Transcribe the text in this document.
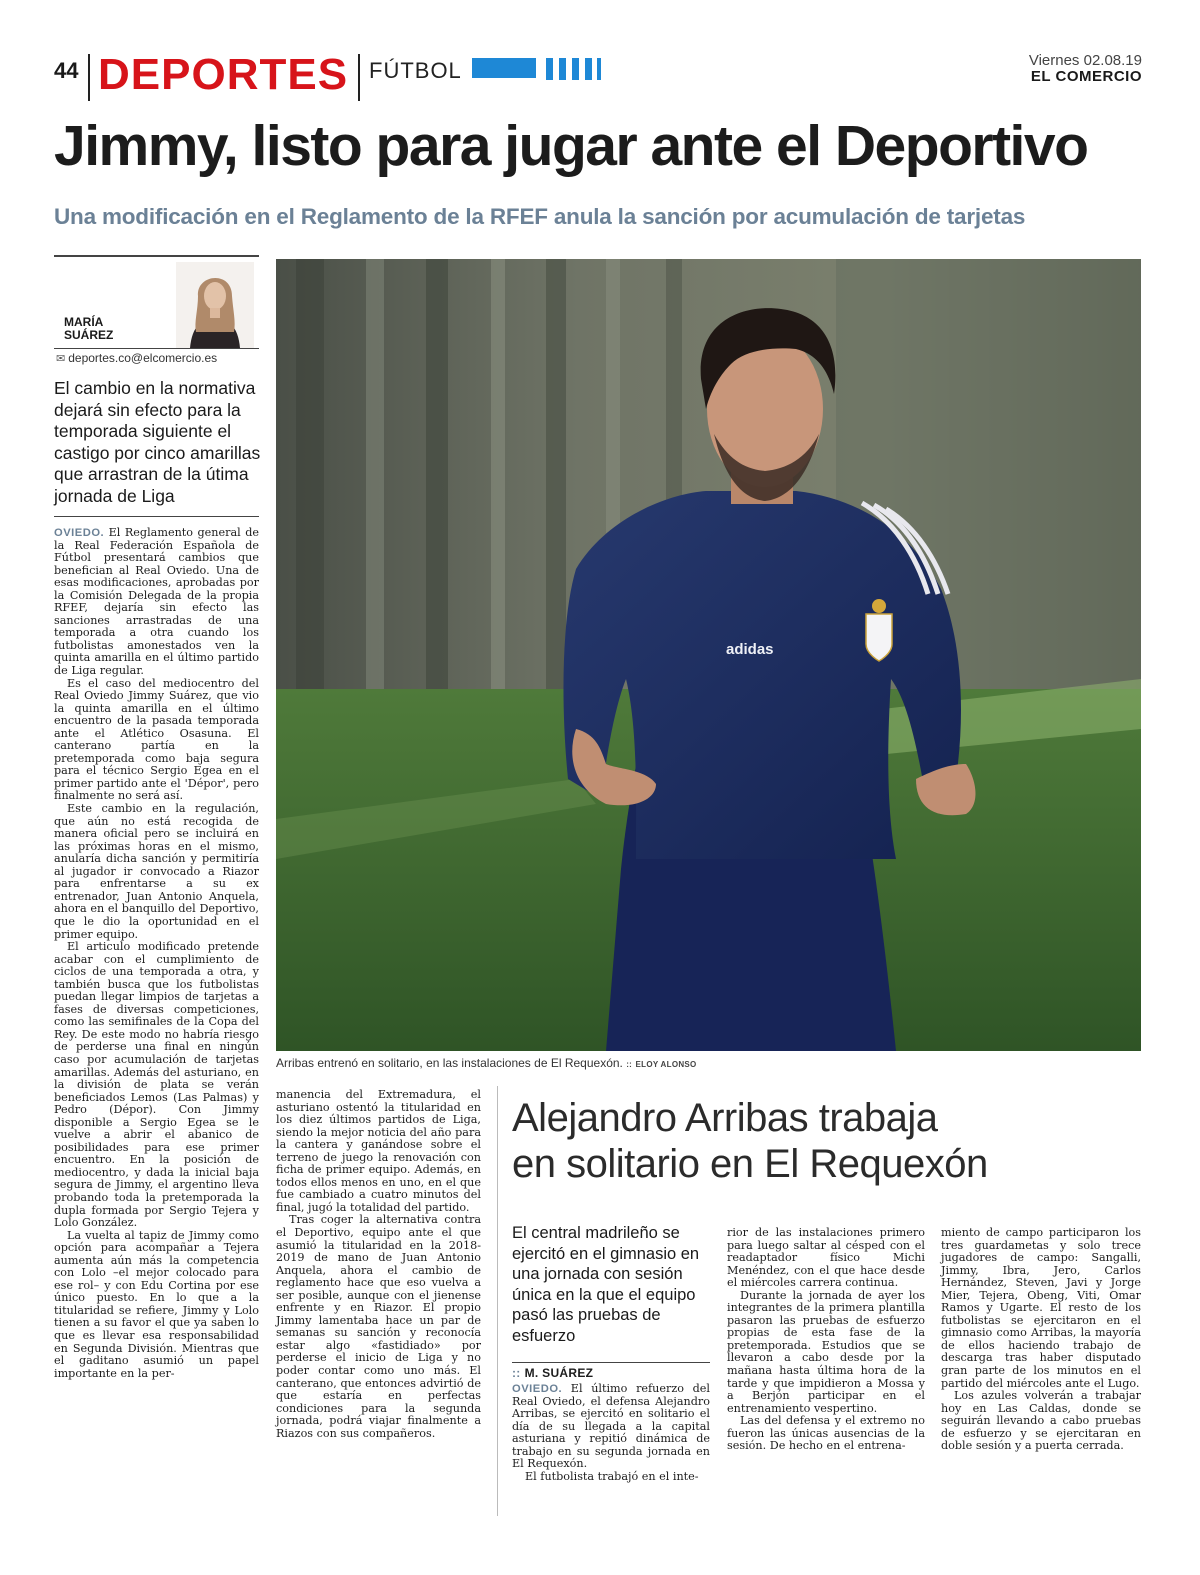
44 DEPORTES FÚTBOL	Viernes 02.08.19
EL COMERCIO
Jimmy, listo para jugar ante el Deportivo
Una modificación en el Reglamento de la RFEF anula la sanción por acumulación de tarjetas
MARÍA
SUÁREZ
✉ deportes.co@elcomercio.es
El cambio en la normativa dejará sin efecto para la temporada siguiente el castigo por cinco amarillas que arrastran de la útima jornada de Liga

OVIEDO. El Reglamento general de la Real Federación Española de Fútbol presentará cambios que benefician al Real Oviedo. Una de esas modificaciones, aprobadas por la Comisión Delegada de la propia RFEF, dejaría sin efecto las sanciones arrastradas de una temporada a otra cuando los futbolistas amonestados ven la quinta amarilla en el último partido de Liga regular.

Es el caso del mediocentro del Real Oviedo Jimmy Suárez, que vio la quinta amarilla en el último encuentro de la pasada temporada ante el Atlético Osasuna. El canterano partía en la pretemporada como baja segura para el técnico Sergio Egea en el primer partido ante el 'Dépor', pero finalmente no será así.

Este cambio en la regulación, que aún no está recogida de manera oficial pero se incluirá en las próximas horas en el mismo, anularía dicha sanción y permitiría al jugador ir convocado a Riazor para enfrentarse a su ex entrenador, Juan Antonio Anquela, ahora en el banquillo del Deportivo, que le dio la oportunidad en el primer equipo.

El articulo modificado pretende acabar con el cumplimiento de ciclos de una temporada a otra, y también busca que los futbolistas puedan llegar limpios de tarjetas a fases de diversas competiciones, como las semifinales de la Copa del Rey. De este modo no habría riesgo de perderse una final en ningún caso por acumulación de tarjetas amarillas. Además del asturiano, en la división de plata se verán beneficiados Lemos (Las Palmas) y Pedro (Dépor). Con Jimmy disponible a Sergio Egea se le vuelve a abrir el abanico de posibilidades para ese primer encuentro. En la posición de mediocentro, y dada la inicial baja segura de Jimmy, el argentino lleva probando toda la pretemporada la dupla formada por Sergio Tejera y Lolo González.

La vuelta al tapiz de Jimmy como opción para acompañar a Tejera aumenta aún más la competencia con Lolo –el mejor colocado para ese rol– y con Edu Cortina por ese único puesto. En lo que a la titularidad se refiere, Jimmy y Lolo tienen a su favor el que ya saben lo que es llevar esa responsabilidad en Segunda División. Mientras que el gaditano asumió un papel importante en la per-

manencia del Extremadura, el asturiano ostentó la titularidad en los diez últimos partidos de Liga, siendo la mejor noticia del año para la cantera y ganándose sobre el terreno de juego la renovación con ficha de primer equipo. Además, en todos ellos menos en uno, en el que fue cambiado a cuatro minutos del final, jugó la totalidad del partido.

Tras coger la alternativa contra el Deportivo, equipo ante el que asumió la titularidad en la 2018-2019 de mano de Juan Antonio Anquela, ahora el cambio de reglamento hace que eso vuelva a ser posible, aunque con el jienense enfrente y en Riazor. El propio Jimmy lamentaba hace un par de semanas su sanción y reconocía estar algo «fastidiado» por perderse el inicio de Liga y no poder contar como uno más. El canterano, que entonces advirtió de que estaría en perfectas condiciones para la segunda jornada, podrá viajar finalmente a Riazos con sus compañeros.

adidas
Arribas entrenó en solitario, en las instalaciones de El Requexón. :: ELOY ALONSO
Alejandro Arribas trabaja
en solitario en El Requexón
El central madrileño se ejercitó en el gimnasio en una jornada con sesión única en la que el equipo pasó las pruebas de esfuerzo
:: M. SUÁREZ

OVIEDO. El último refuerzo del Real Oviedo, el defensa Alejandro Arribas, se ejercitó en solitario el día de su llegada a la capital asturiana y repitió dinámica de trabajo en su segunda jornada en El Requexón.

El futbolista trabajó en el inte-

rior de las instalaciones primero para luego saltar al césped con el readaptador físico Michi Menéndez, con el que hace desde el miércoles carrera continua.

Durante la jornada de ayer los integrantes de la primera plantilla pasaron las pruebas de esfuerzo propias de esta fase de la pretemporada. Estudios que se llevaron a cabo desde por la mañana hasta última hora de la tarde y que impidieron a Mossa y a Berjón participar en el entrenamiento vespertino.

Las del defensa y el extremo no fueron las únicas ausencias de la sesión. De hecho en el entrena-

miento de campo participaron los tres guardametas y solo trece jugadores de campo: Sangalli, Jimmy, Ibra, Jero, Carlos Hernández, Steven, Javi y Jorge Mier, Tejera, Obeng, Viti, Omar Ramos y Ugarte. El resto de los futbolistas se ejercitaron en el gimnasio como Arribas, la mayoría de ellos haciendo trabajo de descarga tras haber disputado gran parte de los minutos en el partido del miércoles ante el Lugo.

Los azules volverán a trabajar hoy en Las Caldas, donde se seguirán llevando a cabo pruebas de esfuerzo y se ejercitaran en doble sesión y a puerta cerrada.
